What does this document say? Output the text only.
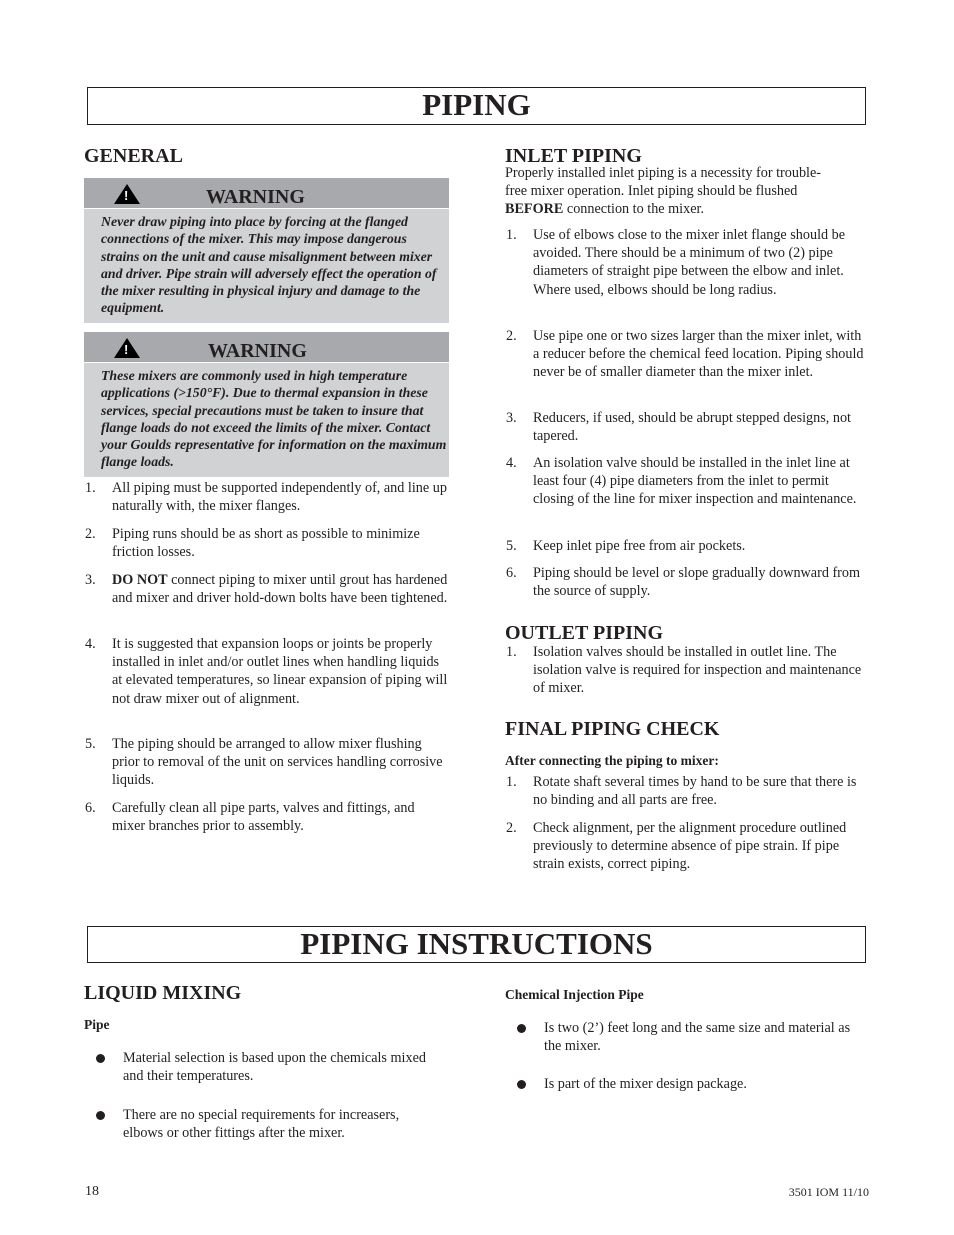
PIPING
GENERAL
!	WARNING
Never draw piping into place by forcing at the flanged connections of the mixer. This may impose dangerous strains on the unit and cause misalignment between mixer and driver. Pipe strain will adversely effect the operation of the mixer resulting in physical injury and damage to the equipment.
!	WARNING
These mixers are commonly used in high temperature applications (>150°F). Due to thermal expansion in these services, special precautions must be taken to insure that flange loads do not exceed the limits of the mixer. Contact your Goulds representative for information on the maximum flange loads.
1. All piping must be supported independently of, and line up naturally with, the mixer flanges.
2. Piping runs should be as short as possible to minimize friction losses.
3. DO NOT connect piping to mixer until grout has hardened and mixer and driver hold-down bolts have been tightened.
4. It is suggested that expansion loops or joints be properly installed in inlet and/or outlet lines when handling liquids at elevated temperatures, so linear expansion of piping will not draw mixer out of alignment.
5. The piping should be arranged to allow mixer flushing prior to removal of the unit on services handling corrosive liquids.
6. Carefully clean all pipe parts, valves and fittings, and mixer branches prior to assembly.
INLET PIPING
Properly installed inlet piping is a necessity for trouble-free mixer operation. Inlet piping should be flushed BEFORE connection to the mixer.
1. Use of elbows close to the mixer inlet flange should be avoided. There should be a minimum of two (2) pipe diameters of straight pipe between the elbow and inlet. Where used, elbows should be long radius.
2. Use pipe one or two sizes larger than the mixer inlet, with a reducer before the chemical feed location. Piping should never be of smaller diameter than the mixer inlet.
3. Reducers, if used, should be abrupt stepped designs, not tapered.
4. An isolation valve should be installed in the inlet line at least four (4) pipe diameters from the inlet to permit closing of the line for mixer inspection and maintenance.
5. Keep inlet pipe free from air pockets.
6. Piping should be level or slope gradually downward from the source of supply.
OUTLET PIPING
1. Isolation valves should be installed in outlet line. The isolation valve is required for inspection and maintenance of mixer.
FINAL PIPING CHECK
After connecting the piping to mixer:
1. Rotate shaft several times by hand to be sure that there is no binding and all parts are free.
2. Check alignment, per the alignment procedure outlined previously to determine absence of pipe strain. If pipe strain exists, correct piping.
PIPING INSTRUCTIONS
LIQUID MIXING
Pipe
Material selection is based upon the chemicals mixed and their temperatures.
There are no special requirements for increasers, elbows or other fittings after the mixer.
Chemical Injection Pipe
Is two (2’) feet long and the same size and material as the mixer.
Is part of the mixer design package.
18	3501 IOM 11/10
